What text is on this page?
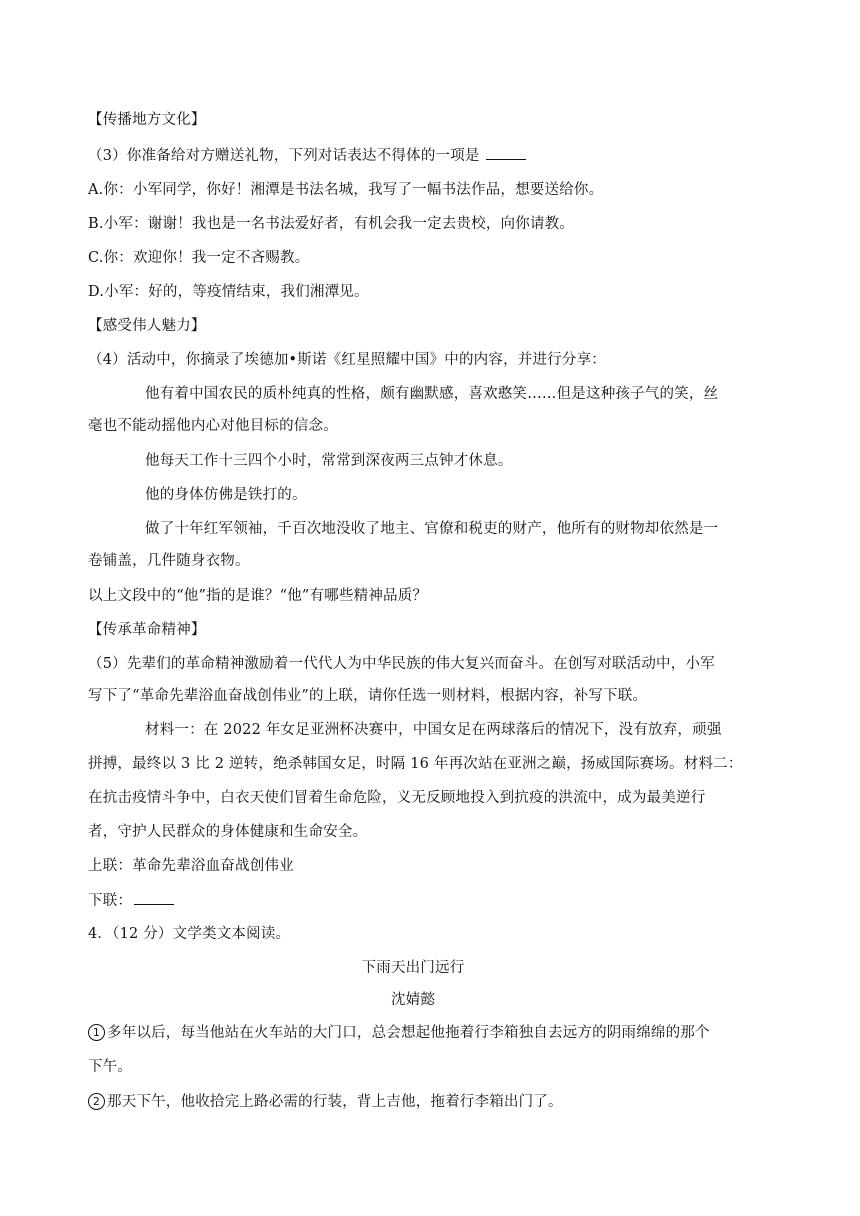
【传播地方文化】
（3）你准备给对方赠送礼物，下列对话表达不得体的一项是
A.你：小军同学，你好！湘潭是书法名城，我写了一幅书法作品，想要送给你。
B.小军：谢谢！我也是一名书法爱好者，有机会我一定去贵校，向你请教。
C.你：欢迎你！我一定不吝赐教。
D.小军：好的，等疫情结束，我们湘潭见。
【感受伟人魅力】
（4）活动中，你摘录了埃德加•斯诺《红星照耀中国》中的内容，并进行分享：
他有着中国农民的质朴纯真的性格，颇有幽默感，喜欢憨笑……但是这种孩子气的笑，丝
毫也不能动摇他内心对他目标的信念。
他每天工作十三四个小时，常常到深夜两三点钟才休息。
他的身体仿佛是铁打的。
做了十年红军领袖，千百次地没收了地主、官僚和税吏的财产，他所有的财物却依然是一
卷铺盖，几件随身衣物。
以上文段中的“他”指的是谁？“他”有哪些精神品质？
【传承革命精神】
（5）先辈们的革命精神激励着一代代人为中华民族的伟大复兴而奋斗。在创写对联活动中，小军
写下了“革命先辈浴血奋战创伟业”的上联，请你任选一则材料，根据内容，补写下联。
材料一：在 2022 年女足亚洲杯决赛中，中国女足在两球落后的情况下，没有放弃，顽强
拼搏，最终以 3 比 2 逆转，绝杀韩国女足，时隔 16 年再次站在亚洲之巅，扬威国际赛场。材料二：
在抗击疫情斗争中，白衣天使们冒着生命危险，义无反顾地投入到抗疫的洪流中，成为最美逆行
者，守护人民群众的身体健康和生命安全。
上联：革命先辈浴血奋战创伟业
下联：
4．（12 分）文学类文本阅读。
下雨天出门远行
沈婧懿
1 多年以后，每当他站在火车站的大门口，总会想起他拖着行李箱独自去远方的阴雨绵绵的那个
下午。
2 那天下午，他收拾完上路必需的行装，背上吉他，拖着行李箱出门了。
